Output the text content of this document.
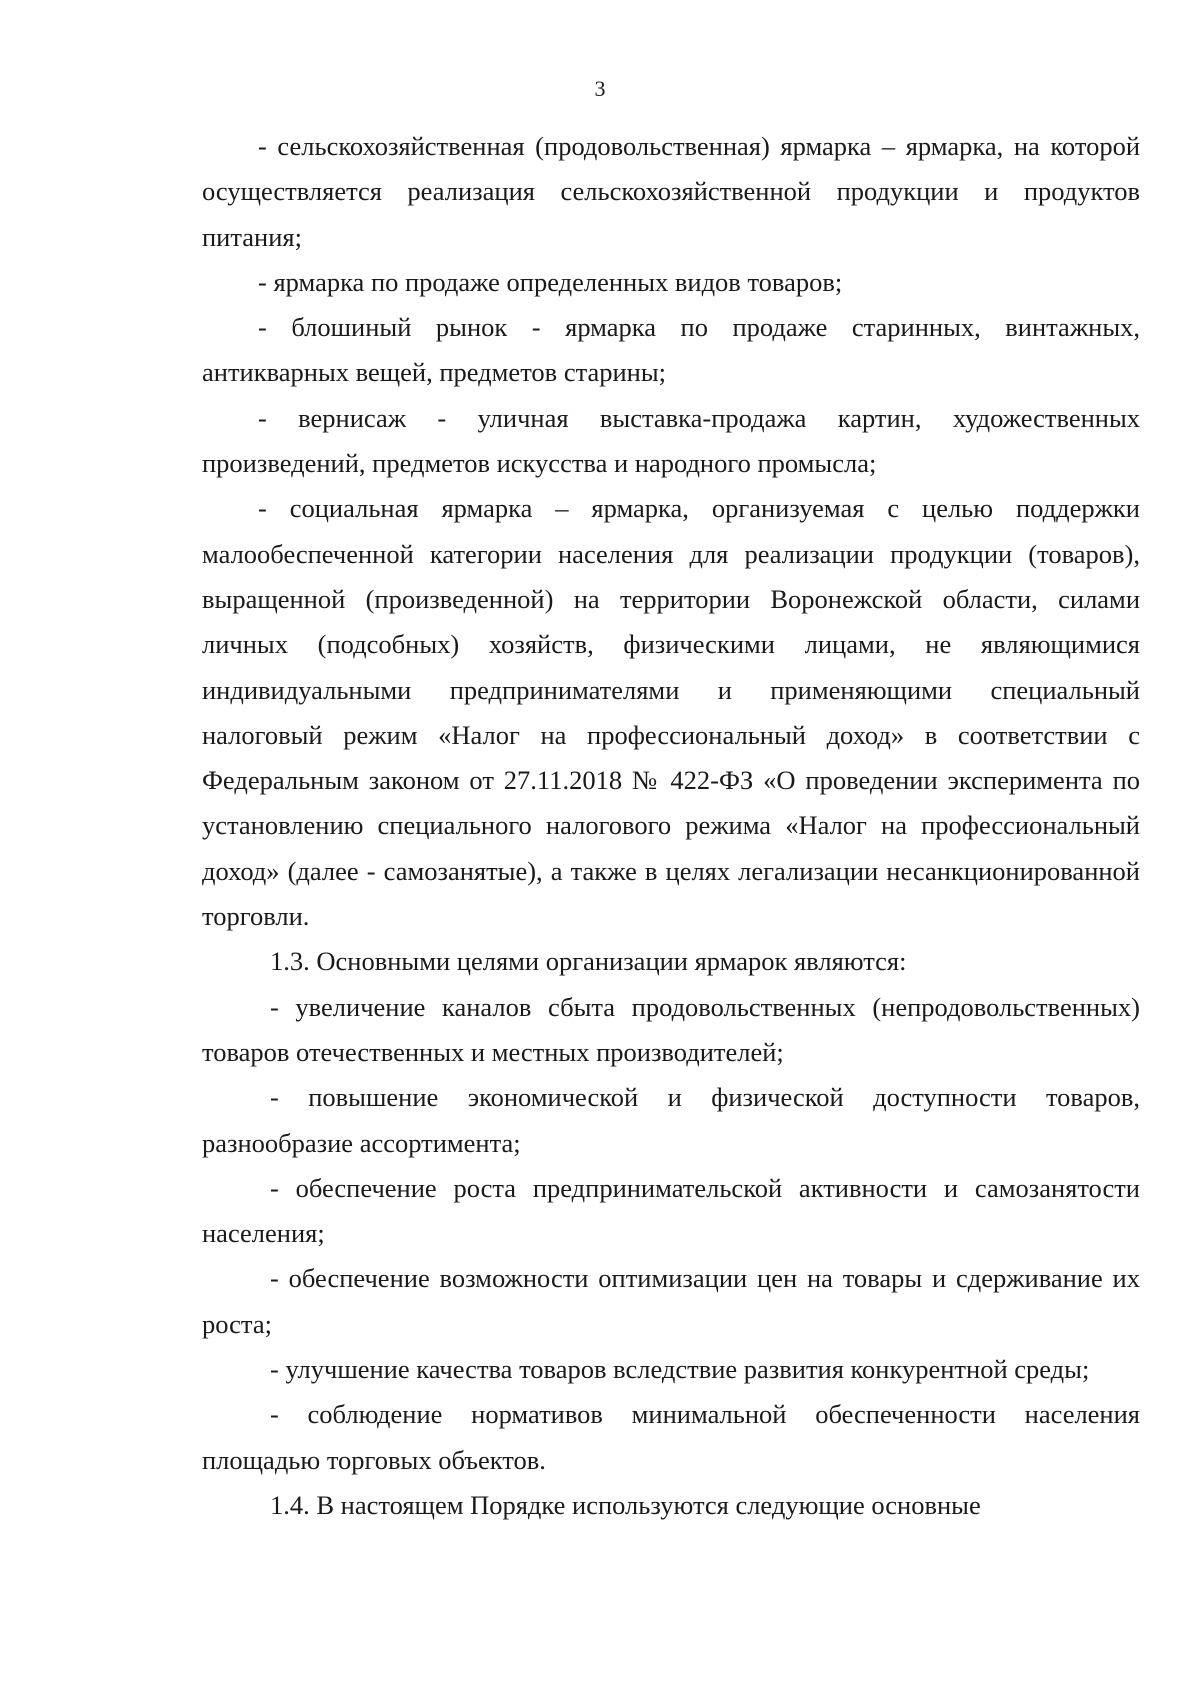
3

- сельскохозяйственная (продовольственная) ярмарка – ярмарка, на которой осуществляется реализация сельскохозяйственной продукции и продуктов питания;

- ярмарка по продаже определенных видов товаров;

- блошиный рынок - ярмарка по продаже старинных, винтажных, антикварных вещей, предметов старины;

- вернисаж - уличная выставка-продажа картин, художественных произведений, предметов искусства и народного промысла;

- социальная ярмарка – ярмарка, организуемая с целью поддержки малообеспеченной категории населения для реализации продукции (товаров), выращенной (произведенной) на территории Воронежской области, силами личных (подсобных) хозяйств, физическими лицами, не являющимися индивидуальными предпринимателями и применяющими специальный налоговый режим «Налог на профессиональный доход» в соответствии с Федеральным законом от 27.11.2018 № 422-ФЗ «О проведении эксперимента по установлению специального налогового режима «Налог на профессиональный доход» (далее - самозанятые), а также в целях легализации несанкционированной торговли.

1.3. Основными целями организации ярмарок являются:

- увеличение каналов сбыта продовольственных (непродовольственных) товаров отечественных и местных производителей;

- повышение экономической и физической доступности товаров, разнообразие ассортимента;

- обеспечение роста предпринимательской активности и самозанятости населения;

- обеспечение возможности оптимизации цен на товары и сдерживание их роста;

- улучшение качества товаров вследствие развития конкурентной среды;

- соблюдение нормативов минимальной обеспеченности населения площадью торговых объектов.

1.4. В настоящем Порядке используются следующие основные
